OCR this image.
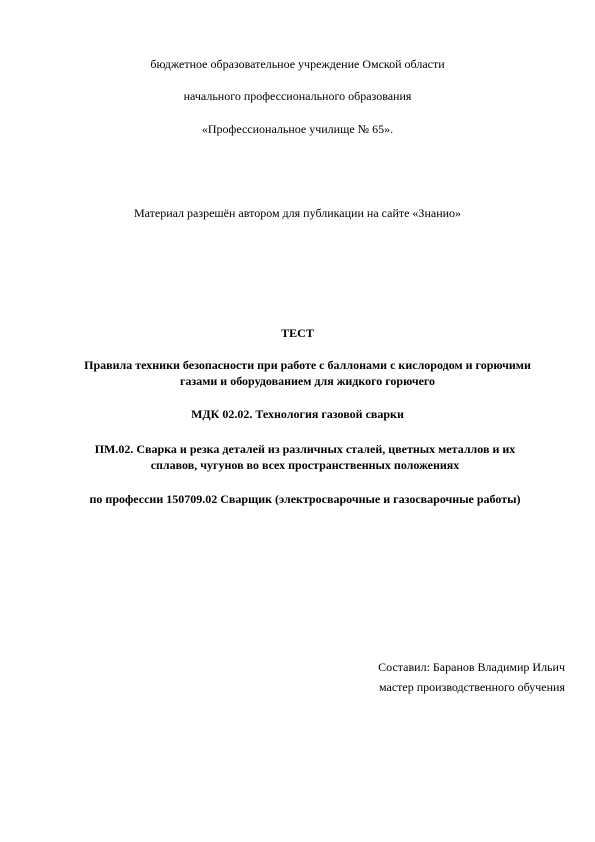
бюджетное образовательное учреждение Омской области
начального профессионального образования
«Профессиональное училище № 65».
Материал разрешён автором для публикации на сайте «Знанио»
ТЕСТ
Правила техники безопасности при работе с баллонами с кислородом и горючими газами и оборудованием для жидкого горючего
МДК 02.02. Технология газовой сварки
ПМ.02. Сварка и резка деталей из различных сталей, цветных металлов и их сплавов, чугунов во всех пространственных положениях
по профессии 150709.02 Сварщик (электросварочные и газосварочные работы)
Составил: Баранов Владимир Ильич
мастер производственного обучения
